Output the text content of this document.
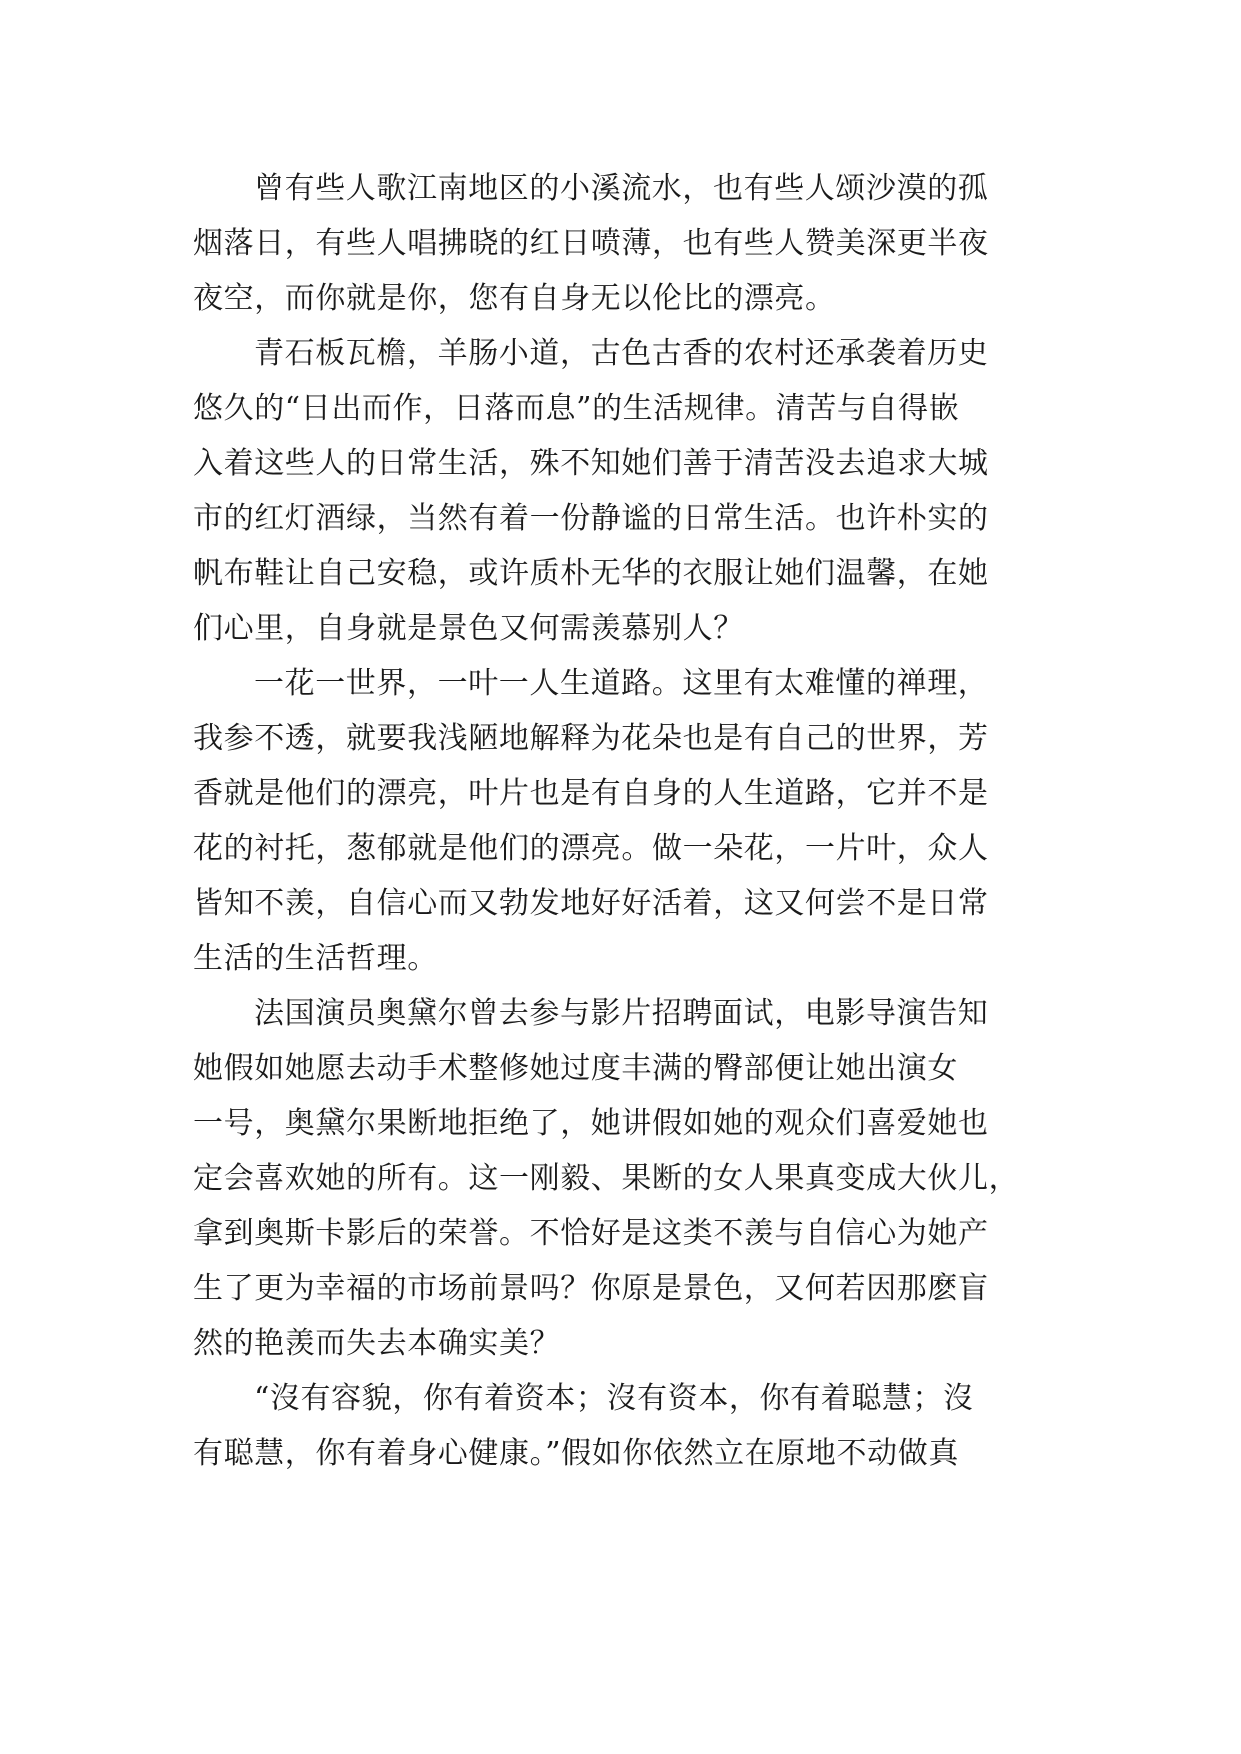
曾有些人歌江南地区的小溪流水，也有些人颂沙漠的孤
烟落日，有些人唱拂晓的红日喷薄，也有些人赞美深更半夜
夜空，而你就是你，您有自身无以伦比的漂亮。
青石板瓦檐，羊肠小道，古色古香的农村还承袭着历史
悠久的“日出而作，日落而息”的生活规律。清苦与自得嵌
入着这些人的日常生活，殊不知她们善于清苦没去追求大城
市的红灯酒绿，当然有着一份静谧的日常生活。也许朴实的
帆布鞋让自己安稳，或许质朴无华的衣服让她们温馨，在她
们心里，自身就是景色又何需羡慕别人？
一花一世界，一叶一人生道路。这里有太难懂的禅理，
我参不透，就要我浅陋地解释为花朵也是有自己的世界，芳
香就是他们的漂亮，叶片也是有自身的人生道路，它并不是
花的衬托，葱郁就是他们的漂亮。做一朵花，一片叶，众人
皆知不羡，自信心而又勃发地好好活着，这又何尝不是日常
生活的生活哲理。
法国演员奥黛尔曾去参与影片招聘面试，电影导演告知
她假如她愿去动手术整修她过度丰满的臀部便让她出演女
一号，奥黛尔果断地拒绝了，她讲假如她的观众们喜爱她也
定会喜欢她的所有。这一刚毅、果断的女人果真变成大伙儿，
拿到奥斯卡影后的荣誉。不恰好是这类不羡与自信心为她产
生了更为幸福的市场前景吗？你原是景色，又何若因那麽盲
然的艳羡而失去本确实美？
“沒有容貌，你有着资本；沒有资本，你有着聪慧；沒
有聪慧，你有着身心健康。”假如你依然立在原地不动做真
